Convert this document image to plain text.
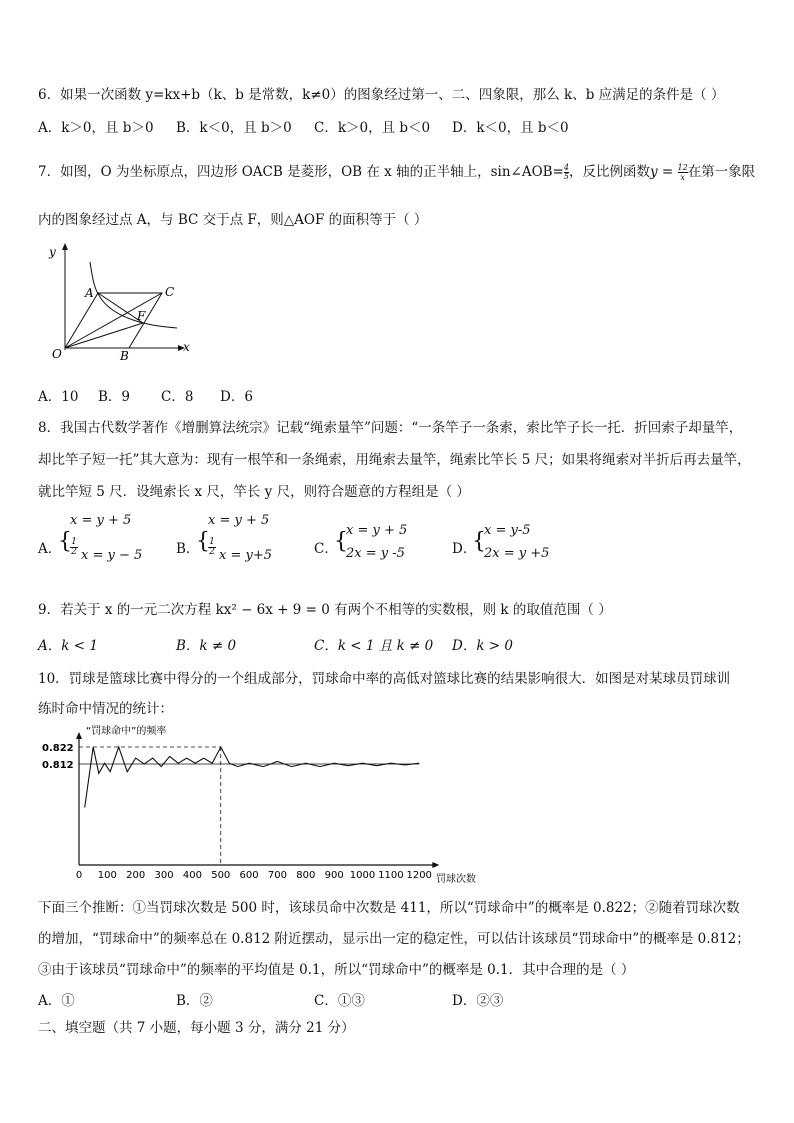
6．如果一次函数 y=kx+b（k、b 是常数，k≠0）的图象经过第一、二、四象限，那么 k、b 应满足的条件是（ ）
A．k＞0，且 b＞0 B．k＜0，且 b＞0 C．k＞0，且 b＜0 D．k＜0，且 b＜0
7．如图，O 为坐标原点，四边形 OACB 是菱形，OB 在 x 轴的正半轴上，sin∠AOB= $\frac{4}{5}$ ，反比例函数$y = \frac{12}{x}$ 在第一象限
内的图象经过点 A，与 BC 交于点 F，则△AOF 的面积等于（ ）
y
x
O
A
B
C
F
A．10 B．9 C．8 D．6
8．我国古代数学著作《增删算法统宗》记载“绳索量竿”问题：“一条竿子一条索，索比竿子长一托．折回索子却量竿，
却比竿子短一托”其大意为：现有一根竿和一条绳索，用绳索去量竿，绳索比竿长 5 尺；如果将绳索对半折后再去量竿，
就比竿短 5 尺．设绳索长 x 尺，竿长 y 尺，则符合题意的方程组是（ ）
A．
{
x = y + 5
$\frac{1}{2}$ x = y − 5 B．
{
x = y + 5
$\frac{1}{2}$ x = y+5	C．
{
x = y + 5
2x = y -5	D．
{
x = y-5
2x = y +5
9．若关于 x 的一元二次方程 kx² − 6x + 9 = 0 有两个不相等的实数根，则 k 的取值范围（ ）
A．k < 1	B．k ≠ 0	C．k < 1 且 k ≠ 0 D．k > 0
10．罚球是篮球比赛中得分的一个组成部分，罚球命中率的高低对篮球比赛的结果影响很大．如图是对某球员罚球训
练时命中情况的统计：
0.822
0.812
0 100 200 300 400 500 600 700 800 900 1000 1100 1200
“罚球命中”的频率
罚球次数
下面三个推断：①当罚球次数是 500 时，该球员命中次数是 411，所以“罚球命中”的概率是 0.822；②随着罚球次数
的增加，“罚球命中”的频率总在 0.812 附近摆动，显示出一定的稳定性，可以估计该球员“罚球命中”的概率是 0.812；
③由于该球员“罚球命中”的频率的平均值是 0.1，所以“罚球命中”的概率是 0.1．其中合理的是（ ）
A．①	B．②	C．①③	D．②③
二、填空题（共 7 小题，每小题 3 分，满分 21 分）
